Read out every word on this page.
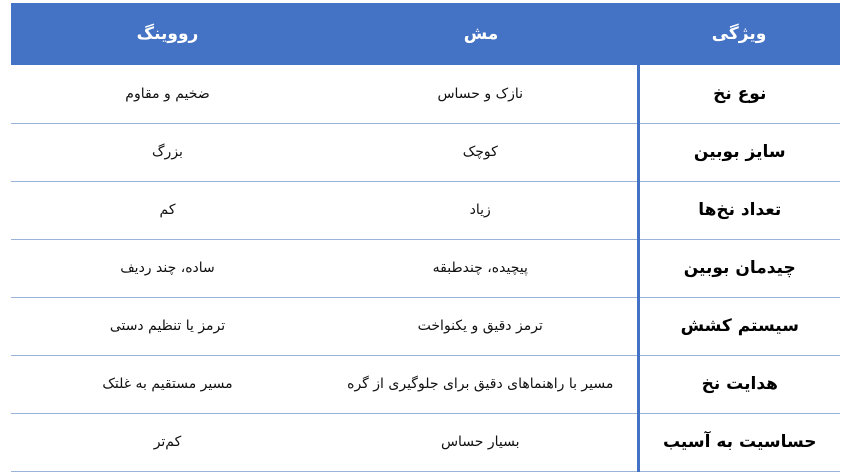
ویژگی	مش	رووینگ
نوع نخ	نازک و حساس	ضخیم و مقاوم
سایز بوبین	کوچک	بزرگ
تعداد نخ‌ها	زیاد	کم
چیدمان بوبین	پیچیده، چندطبقه	ساده، چند ردیف
سیستم کشش	ترمز دقیق و یکنواخت	ترمز یا تنظیم دستی
هدایت نخ	مسیر با راهنماهای دقیق برای جلوگیری از گره	مسیر مستقیم به غلتک
حساسیت به آسیب	بسیار حساس	کم‌تر
